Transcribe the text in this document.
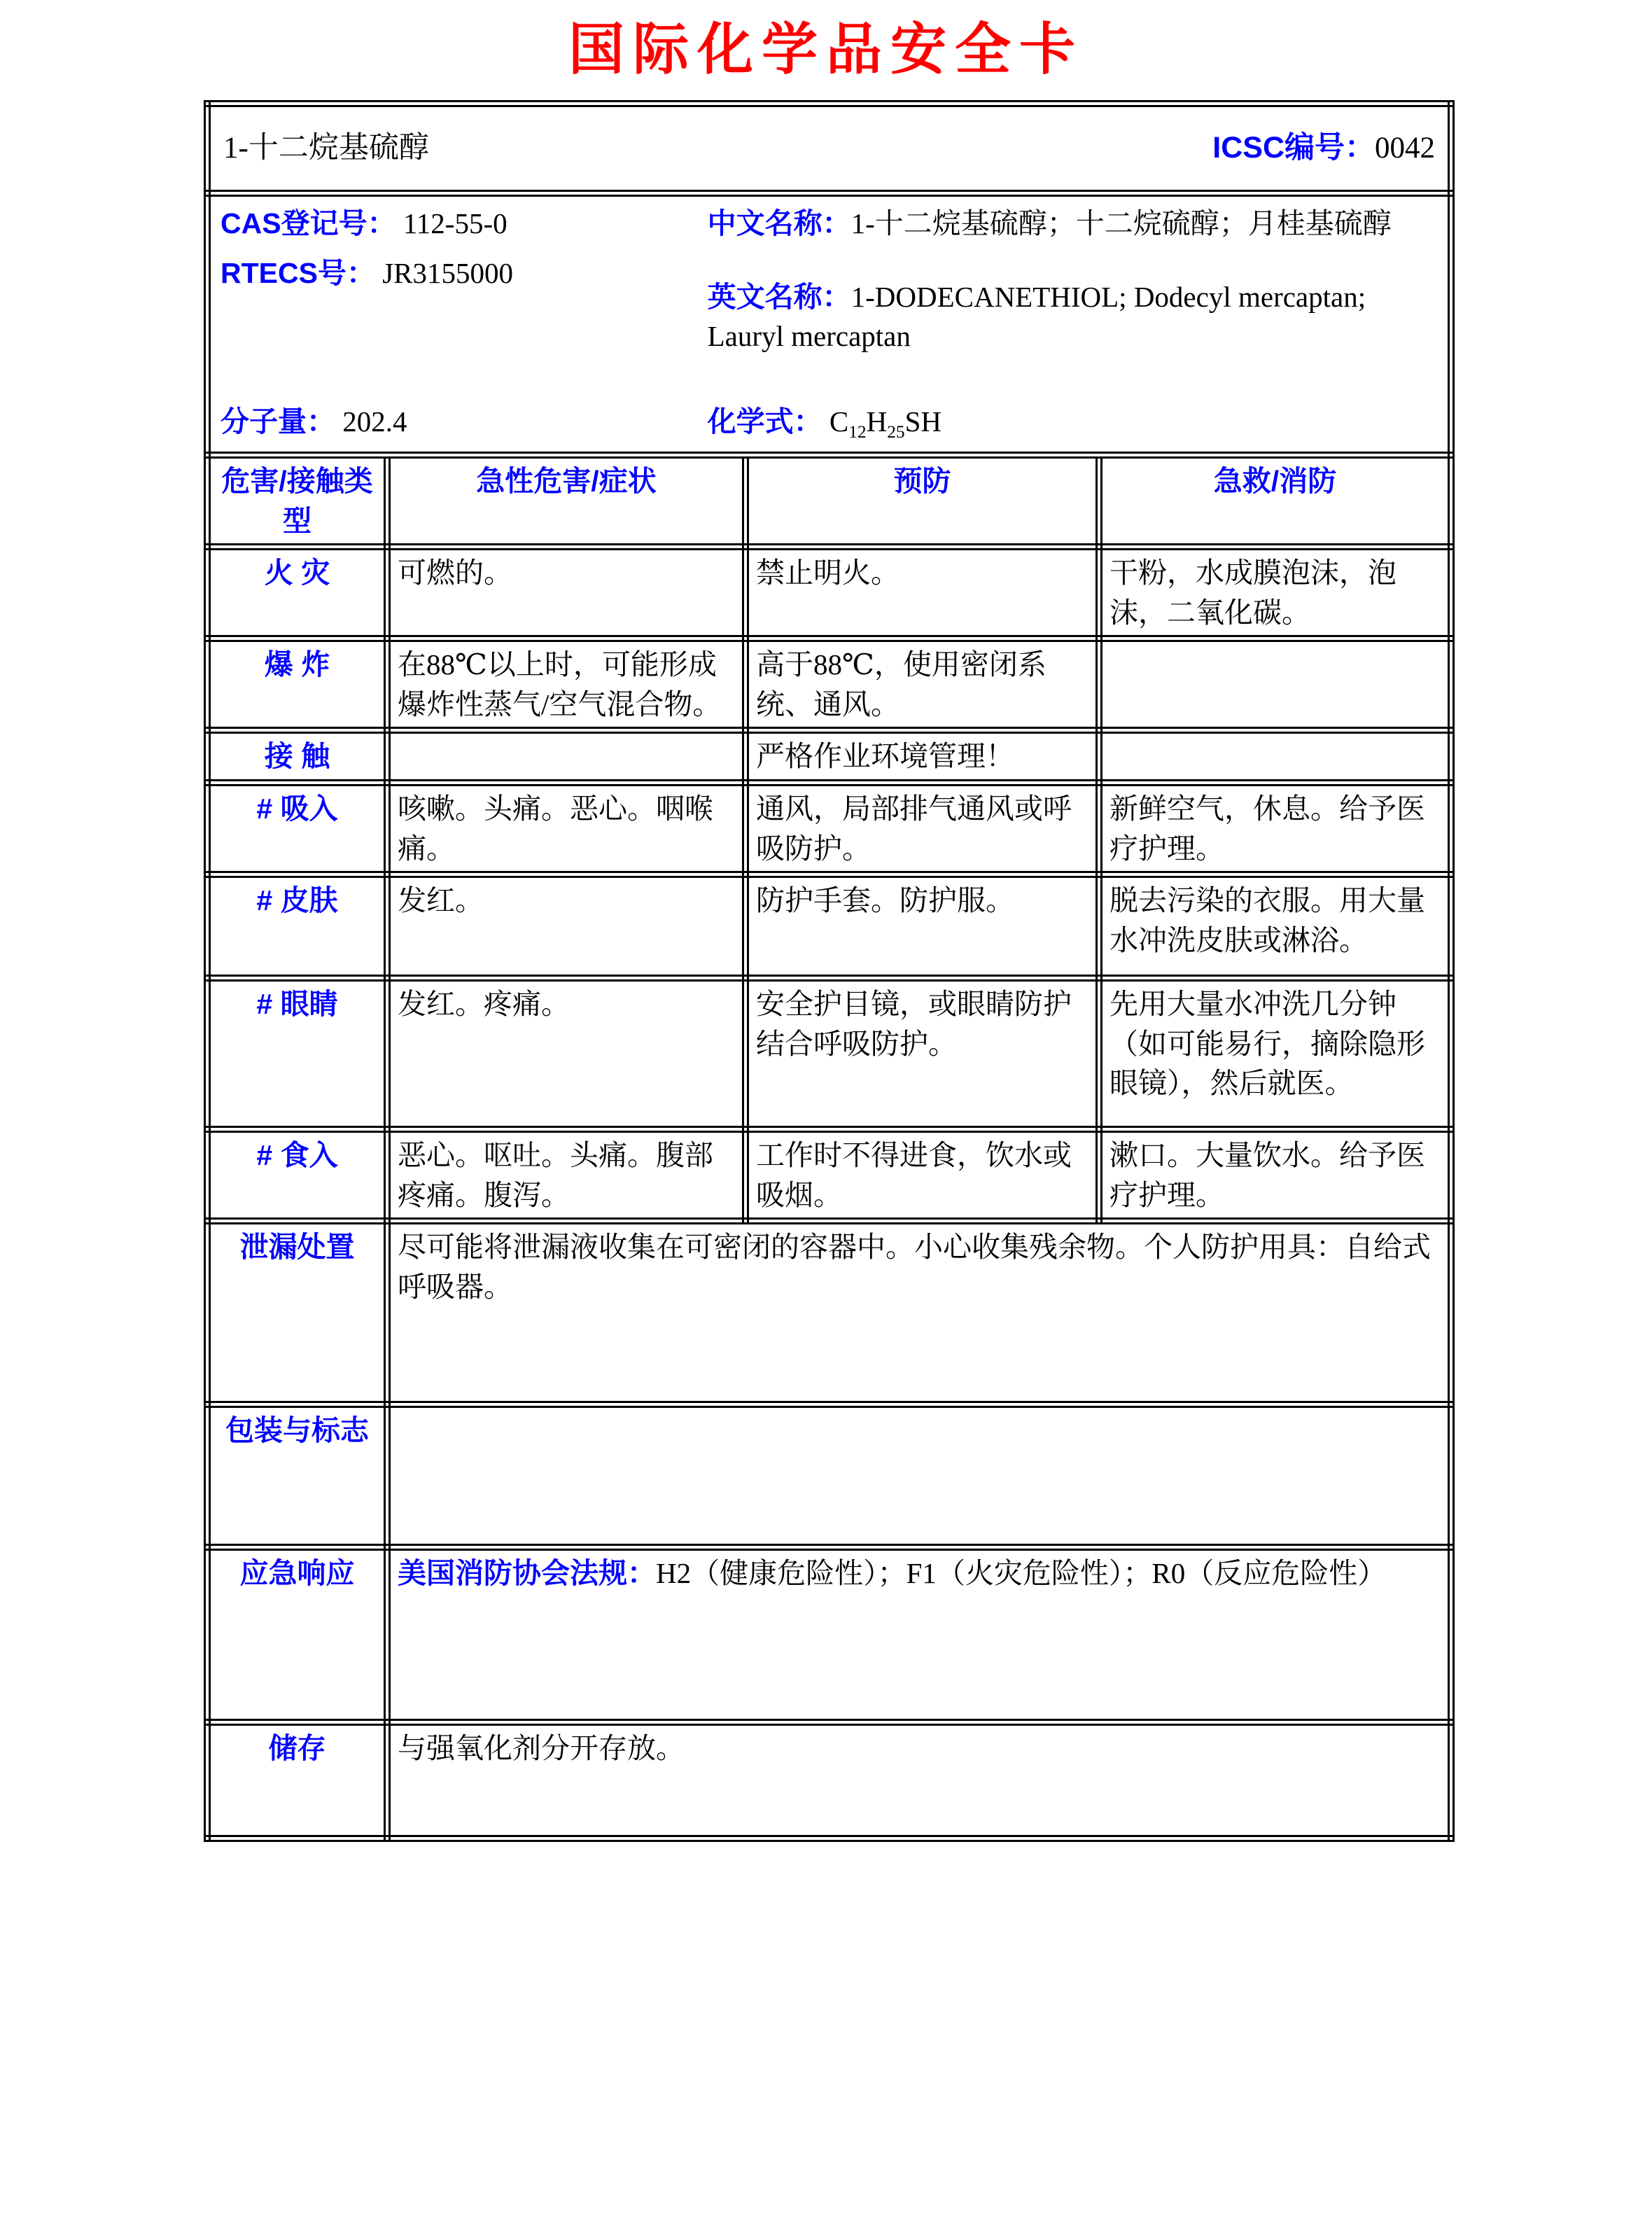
国际化学品安全卡
1-十二烷基硫醇 ICSC编号：0042			

CAS登记号： 112-55-0
RTECS号： JR3155000
分子量： 202.4
中文名称：1-十二烷基硫醇；十二烷硫醇；月桂基硫醇
英文名称：1-DODECANETHIOL; Dodecyl mercaptan; Lauryl mercaptan
化学式： $C_{12}H_{25}SH$

危害/接触类型	急性危害/症状	预防	急救/消防
火 灾	可燃的。	禁止明火。	干粉，水成膜泡沫，泡沫，二氧化碳。
爆 炸	在88℃以上时，可能形成爆炸性蒸气/空气混合物。	高于88℃，使用密闭系统、通风。	
接 触		严格作业环境管理！	
# 吸入	咳嗽。头痛。恶心。咽喉痛。	通风，局部排气通风或呼吸防护。	新鲜空气，休息。给予医疗护理。
# 皮肤	发红。	防护手套。防护服。	脱去污染的衣服。用大量水冲洗皮肤或淋浴。
# 眼睛	发红。疼痛。	安全护目镜，或眼睛防护结合呼吸防护。	先用大量水冲洗几分钟（如可能易行，摘除隐形眼镜），然后就医。
# 食入	恶心。呕吐。头痛。腹部疼痛。腹泻。	工作时不得进食，饮水或吸烟。	漱口。大量饮水。给予医疗护理。
泄漏处置	尽可能将泄漏液收集在可密闭的容器中。小心收集残余物。个人防护用具：自给式呼吸器。		
包装与标志			
应急响应	美国消防协会法规：H2（健康危险性）；F1（火灾危险性）；R0（反应危险性）		
储存	与强氧化剂分开存放。		
